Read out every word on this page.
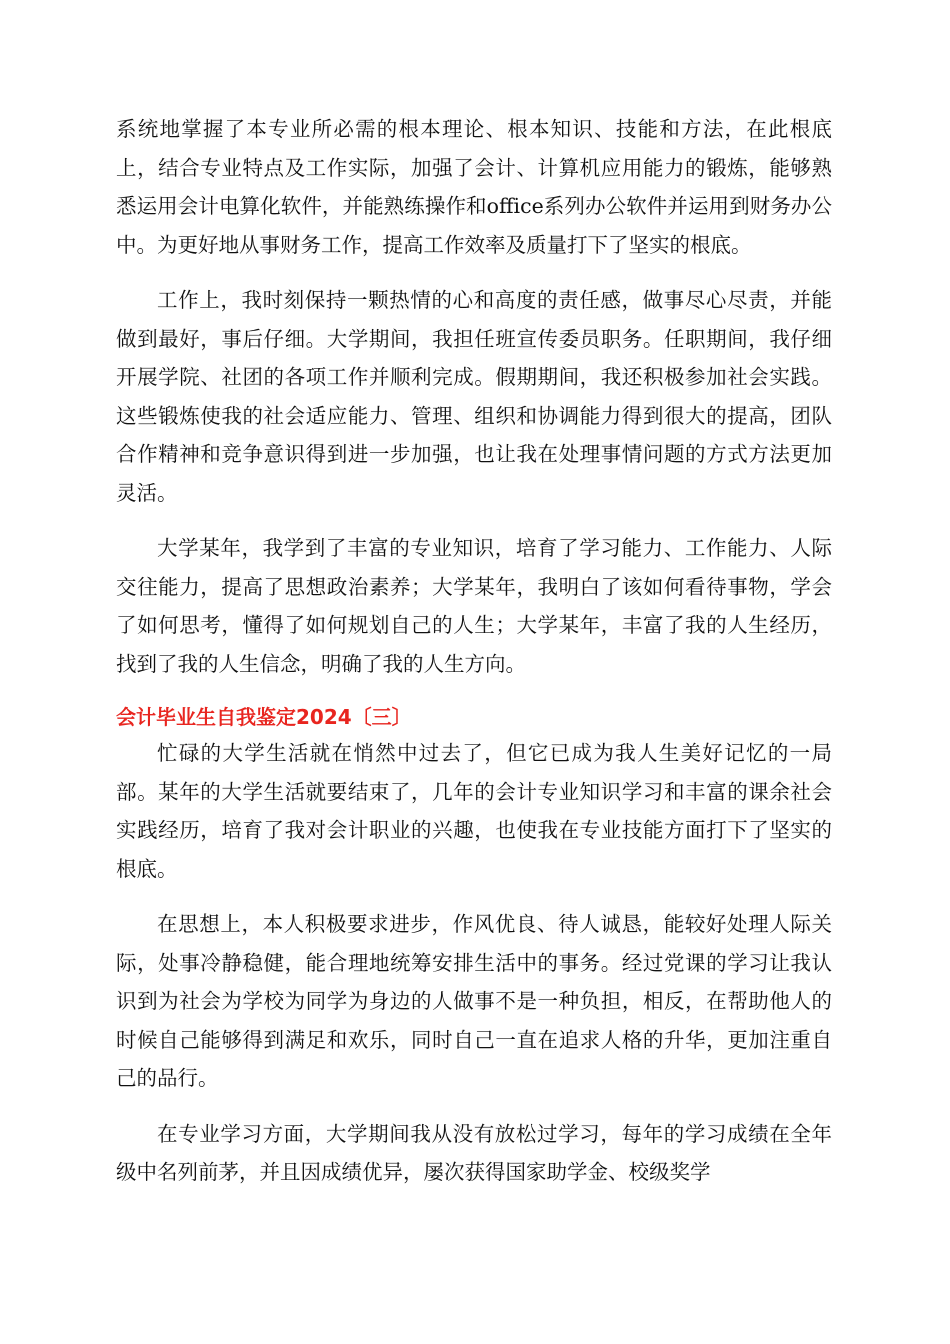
系统地掌握了本专业所必需的根本理论、根本知识、技能和方法，在此根底上，结合专业特点及工作实际，加强了会计、计算机应用能力的锻炼，能够熟悉运用会计电算化软件，并能熟练操作和office系列办公软件并运用到财务办公中。为更好地从事财务工作，提高工作效率及质量打下了坚实的根底。

工作上，我时刻保持一颗热情的心和高度的责任感，做事尽心尽责，并能做到最好，事后仔细。大学期间，我担任班宣传委员职务。任职期间，我仔细开展学院、社团的各项工作并顺利完成。假期期间，我还积极参加社会实践。这些锻炼使我的社会适应能力、管理、组织和协调能力得到很大的提高，团队合作精神和竞争意识得到进一步加强，也让我在处理事情问题的方式方法更加灵活。

大学某年，我学到了丰富的专业知识，培育了学习能力、工作能力、人际交往能力，提高了思想政治素养；大学某年，我明白了该如何看待事物，学会了如何思考，懂得了如何规划自己的人生；大学某年，丰富了我的人生经历，找到了我的人生信念，明确了我的人生方向。

会计毕业生自我鉴定2024〔三〕

忙碌的大学生活就在悄然中过去了，但它已成为我人生美好记忆的一局部。某年的大学生活就要结束了，几年的会计专业知识学习和丰富的课余社会实践经历，培育了我对会计职业的兴趣，也使我在专业技能方面打下了坚实的根底。

在思想上，本人积极要求进步，作风优良、待人诚恳，能较好处理人际关际，处事冷静稳健，能合理地统筹安排生活中的事务。经过党课的学习让我认识到为社会为学校为同学为身边的人做事不是一种负担，相反，在帮助他人的时候自己能够得到满足和欢乐，同时自己一直在追求人格的升华，更加注重自己的品行。

在专业学习方面，大学期间我从没有放松过学习，每年的学习成绩在全年级中名列前茅，并且因成绩优异，屡次获得国家助学金、校级奖学
